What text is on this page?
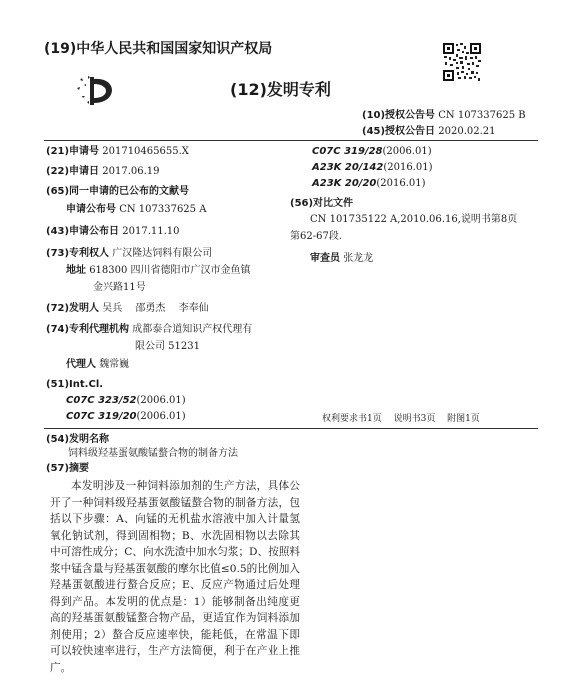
(19)中华人民共和国国家知识产权局
(12)发明专利
(10)授权公告号 CN 107337625 B
(45)授权公告日 2020.02.21
(21)申请号 201710465655.X
(22)申请日 2017.06.19
(65)同一申请的已公布的文献号
申请公布号 CN 107337625 A
(43)申请公布日 2017.11.10
(73)专利权人 广汉隆达饲料有限公司
地址 618300 四川省德阳市广汉市金鱼镇
金兴路11号
(72)发明人 吴兵　 邵勇杰　 李奉仙
(74)专利代理机构 成都泰合道知识产权代理有
限公司 51231
代理人 魏常巍
(51)Int.Cl.
C07C 323/52(2006.01)
C07C 319/20(2006.01)
C07C 319/28(2006.01)
A23K 20/142(2016.01)
A23K 20/20(2016.01)
(56)对比文件
CN 101735122 A,2010.06.16,说明书第8页
第62-67段.
审查员 张龙龙
权利要求书1页　 说明书3页　 附图1页
(54)发明名称
饲料级羟基蛋氨酸锰螯合物的制备方法
(57)摘要
本发明涉及一种饲料添加剂的生产方法，具体公开了一种饲料级羟基蛋氨酸锰螯合物的制备方法，包括以下步骤：A、向锰的无机盐水溶液中加入计量氢氧化钠试剂，得到固相物；B、水洗固相物以去除其中可溶性成分；C、向水洗渣中加水匀浆；D、按照料浆中锰含量与羟基蛋氨酸的摩尔比值≤0.5的比例加入羟基蛋氨酸进行螯合反应；E、反应产物通过后处理得到产品。本发明的优点是：1）能够制备出纯度更高的羟基蛋氨酸锰螯合物产品，更适宜作为饲料添加剂使用；2）螯合反应速率快，能耗低，在常温下即可以较快速率进行，生产方法简便，利于在产业上推广。
